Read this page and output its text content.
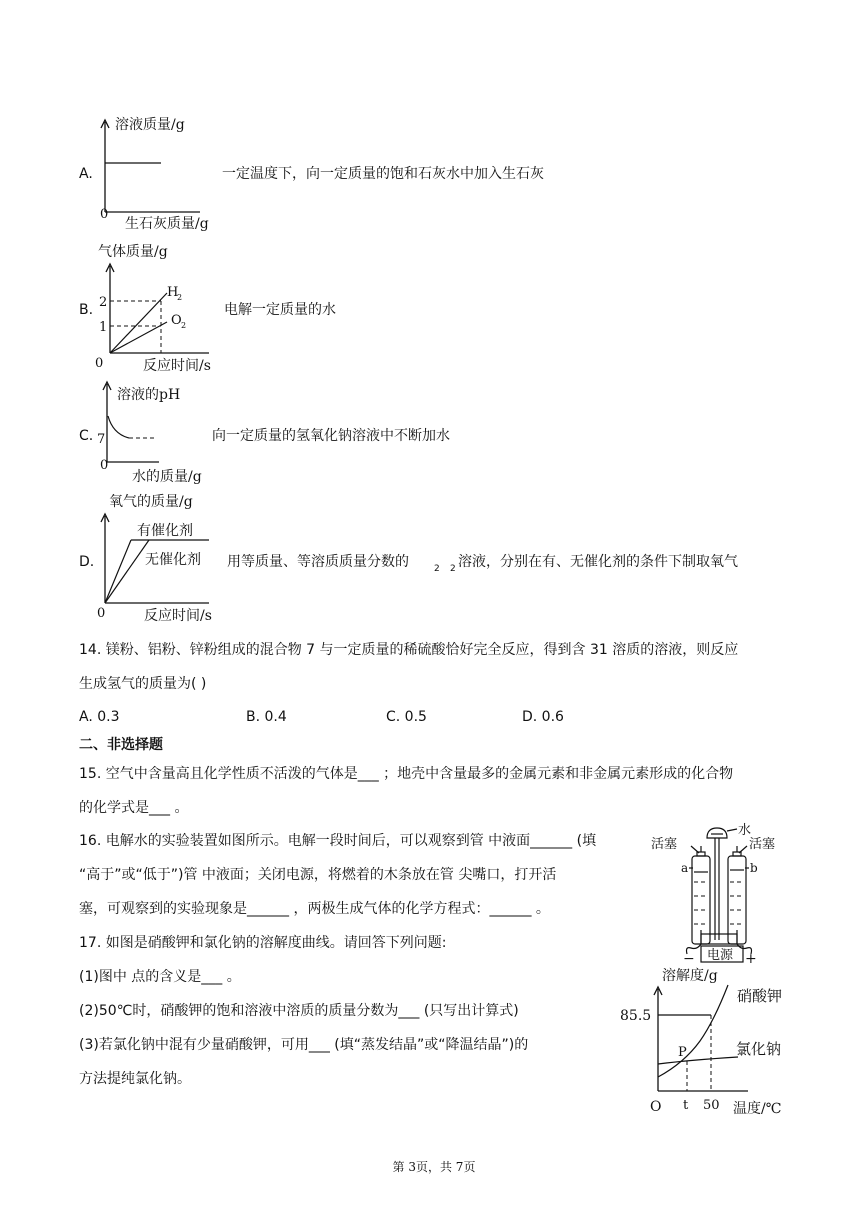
A.
溶液质量/g
0
生石灰质量/g
一定温度下，向一定质量的饱和石灰水中加入生石灰
B.
气体质量/g
2
1
H
2
O 2
0	反应时间/s
电解一定质量的水
C.
溶液的pH
7
0
水的质量/g
向一定质量的氢氧化钠溶液中不断加水
D.
氧气的质量/g
有催化剂
无催化剂
0	反应时间/s
用等质量、等溶质质量分数的	2 2 溶液，分别在有、无催化剂的条件下制取氧气
14. 镁粉、铝粉、锌粉组成的混合物 7 与一定质量的稀硫酸恰好完全反应，得到含 31 溶质的溶液，则反应
生成氢气的质量为( )
A. 0.3	B. 0.4	C. 0.5	D. 0.6
二、非选择题
15. 空气中含量高且化学性质不活泼的气体是___ ；地壳中含量最多的金属元素和非金属元素形成的化合物
的化学式是___ 。
16. 电解水的实验装置如图所示。电解一段时间后，可以观察到管 中液面______ (填
“高于”或“低于”)管 中液面；关闭电源，将燃着的木条放在管 尖嘴口，打开活
塞，可观察到的实验现象是______ ，两极生成气体的化学方程式：______ 。
水
活塞	活塞
a	b
电源
−	+
17. 如图是硝酸钾和氯化钠的溶解度曲线。请回答下列问题:
(1)图中 点的含义是___ 。
(2)50℃时，硝酸钾的饱和溶液中溶质的质量分数为___ (只写出计算式)
(3)若氯化钠中混有少量硝酸钾，可用___ (填“蒸发结晶”或“降温结晶”)的
方法提纯氯化钠。
溶解度/g
85.5
P
硝酸钾
氯化钠
O t 50 温度/℃
第 3页，共 7页
